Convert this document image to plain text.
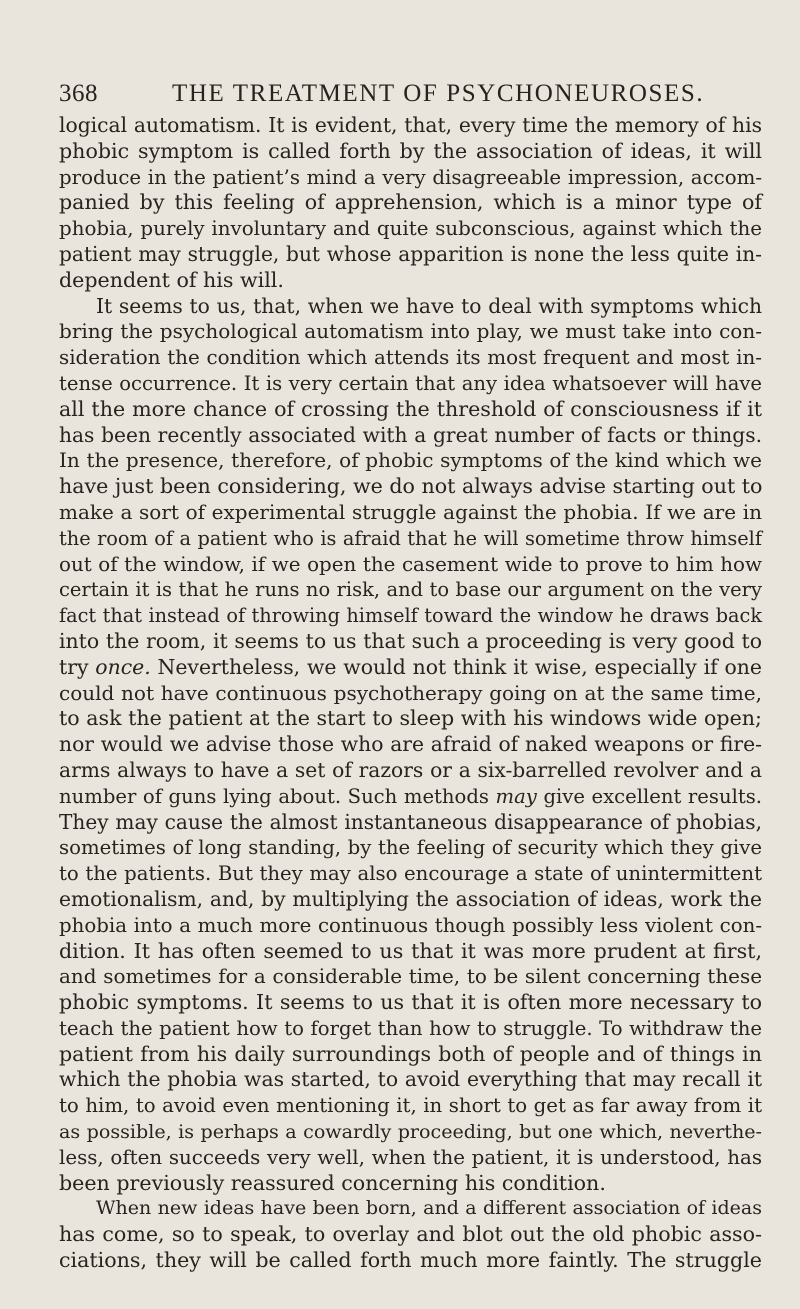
368	THE TREATMENT OF PSYCHONEUROSES.
logical automatism. It is evident, that, every time the memory of his
phobic symptom is called forth by the association of ideas, it will
produce in the patient’s mind a very disagreeable impression, accom-
panied by this feeling of apprehension, which is a minor type of
phobia, purely involuntary and quite subconscious, against which the
patient may struggle, but whose apparition is none the less quite in-
dependent of his will.
It seems to us, that, when we have to deal with symptoms which
bring the psychological automatism into play, we must take into con-
sideration the condition which attends its most frequent and most in-
tense occurrence. It is very certain that any idea whatsoever will have
all the more chance of crossing the threshold of consciousness if it
has been recently associated with a great number of facts or things.
In the presence, therefore, of phobic symptoms of the kind which we
have just been considering, we do not always advise starting out to
make a sort of experimental struggle against the phobia. If we are in
the room of a patient who is afraid that he will sometime throw himself
out of the window, if we open the casement wide to prove to him how
certain it is that he runs no risk, and to base our argument on the very
fact that instead of throwing himself toward the window he draws back
into the room, it seems to us that such a proceeding is very good to
try once. Nevertheless, we would not think it wise, especially if one
could not have continuous psychotherapy going on at the same time,
to ask the patient at the start to sleep with his windows wide open;
nor would we advise those who are afraid of naked weapons or fire-
arms always to have a set of razors or a six-barrelled revolver and a
number of guns lying about. Such methods may give excellent results.
They may cause the almost instantaneous disappearance of phobias,
sometimes of long standing, by the feeling of security which they give
to the patients. But they may also encourage a state of unintermittent
emotionalism, and, by multiplying the association of ideas, work the
phobia into a much more continuous though possibly less violent con-
dition. It has often seemed to us that it was more prudent at first,
and sometimes for a considerable time, to be silent concerning these
phobic symptoms. It seems to us that it is often more necessary to
teach the patient how to forget than how to struggle. To withdraw the
patient from his daily surroundings both of people and of things in
which the phobia was started, to avoid everything that may recall it
to him, to avoid even mentioning it, in short to get as far away from it
as possible, is perhaps a cowardly proceeding, but one which, neverthe-
less, often succeeds very well, when the patient, it is understood, has
been previously reassured concerning his condition.
When new ideas have been born, and a different association of ideas
has come, so to speak, to overlay and blot out the old phobic asso-
ciations, they will be called forth much more faintly. The struggle
